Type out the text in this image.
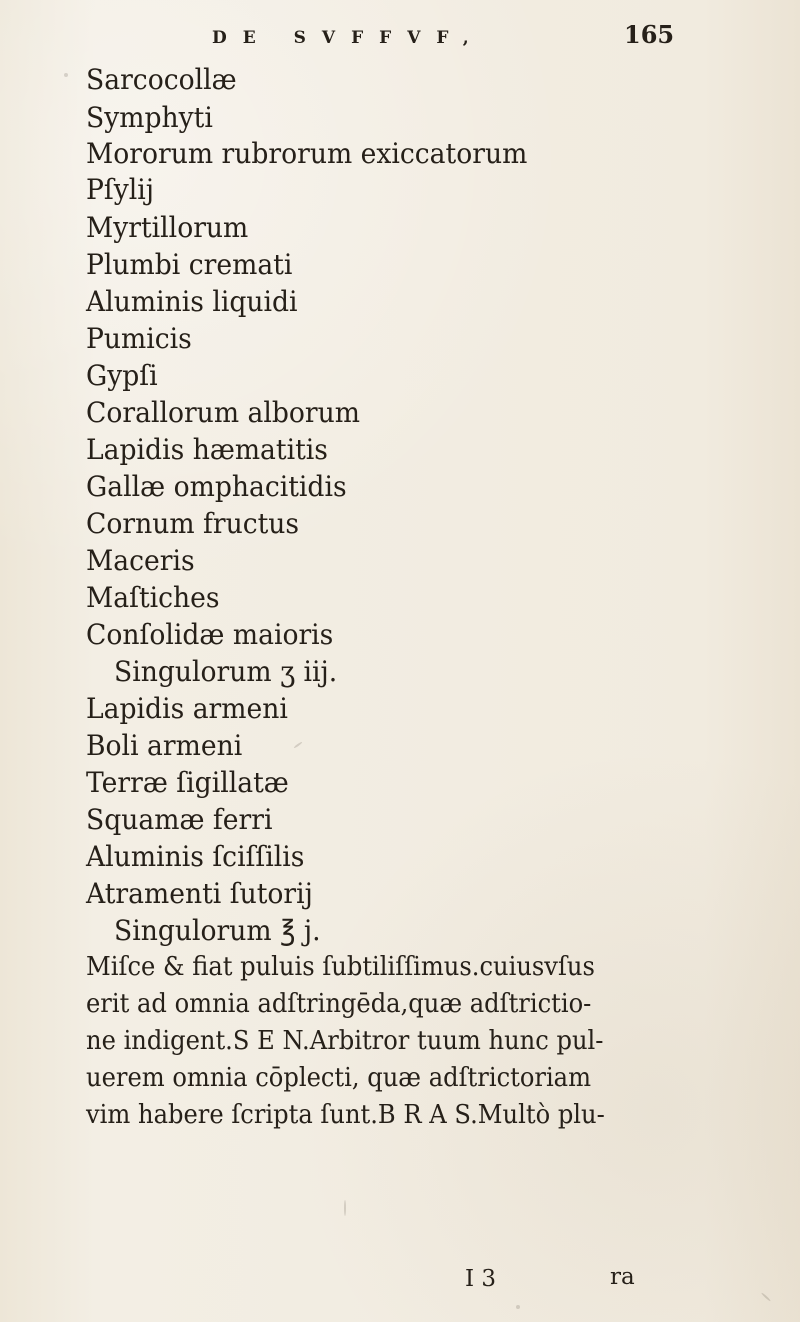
DE SVFFVF,	165
Sarcocollæ
Symphyti
Mororum rubrorum exiccatorum
Pſylij
Myrtillorum
Plumbi cremati
Aluminis liquidi
Pumicis
Gypſi
Corallorum alborum
Lapidis hæmatitis
Gallæ omphacitidis
Cornum fructus
Maceris
Maſtiches
Conſolidæ maioris
Singulorum ʒ iij.
Lapidis armeni
Boli armeni
Terræ ſigillatæ
Squamæ ferri
Aluminis ſciſſilis
Atramenti ſutorij
Singulorum ℥ j.
Miſce & fiat puluis ſubtiliſſimus.cuiusvſus
erit ad omnia adſtringēda,quæ adſtrictio-
ne indigent.S E N.Arbitror tuum hunc pul-
uerem omnia cōplecti, quæ adſtrictoriam
vim habere ſcripta ſunt.B R A S.Multò plu-
I 3	ra
